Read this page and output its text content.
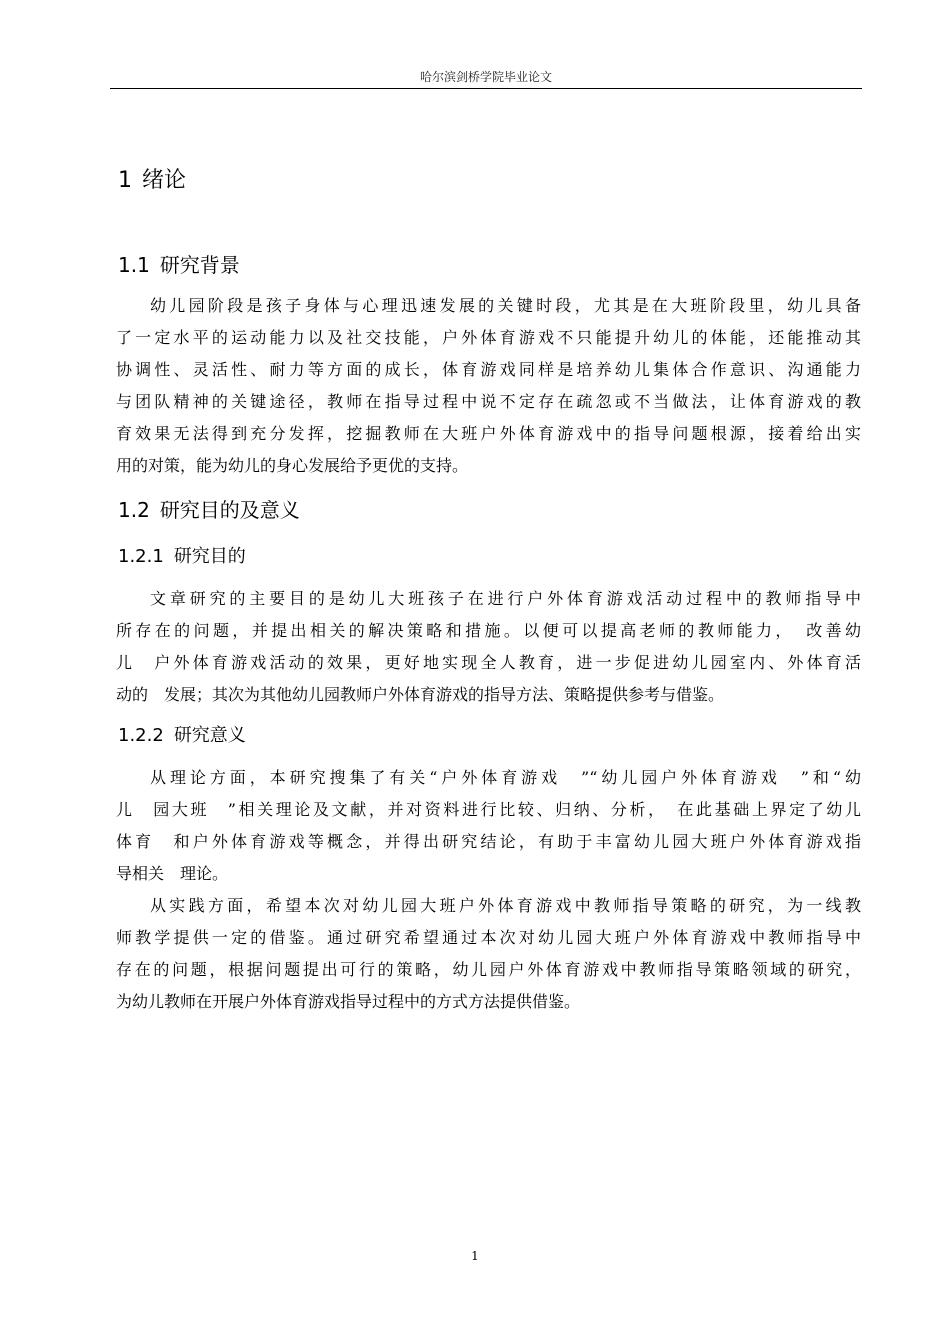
哈尔滨剑桥学院毕业论文
1 绪论
1.1 研究背景
幼儿园阶段是孩子身体与心理迅速发展的关键时段，尤其是在大班阶段里，幼儿具备
了一定水平的运动能力以及社交技能，户外体育游戏不只能提升幼儿的体能，还能推动其
协调性、灵活性、耐力等方面的成长，体育游戏同样是培养幼儿集体合作意识、沟通能力
与团队精神的关键途径，教师在指导过程中说不定存在疏忽或不当做法，让体育游戏的教
育效果无法得到充分发挥，挖掘教师在大班户外体育游戏中的指导问题根源，接着给出实
用的对策，能为幼儿的身心发展给予更优的支持。
1.2 研究目的及意义
1.2.1 研究目的
文章研究的主要目的是幼儿大班孩子在进行户外体育游戏活动过程中的教师指导中
所存在的问题，并提出相关的解决策略和措施。以便可以提高老师的教师能力，　改善幼
儿　户外体育游戏活动的效果，更好地实现全人教育，进一步促进幼儿园室内、外体育活
动的　发展；其次为其他幼儿园教师户外体育游戏的指导方法、策略提供参考与借鉴。
1.2.2 研究意义
从理论方面，本研究搜集了有关“户外体育游戏　”“幼儿园户外体育游戏　”和“幼
儿　园大班　”相关理论及文献，并对资料进行比较、归纳、分析，　在此基础上界定了幼儿
体育　和户外体育游戏等概念，并得出研究结论，有助于丰富幼儿园大班户外体育游戏指
导相关　理论。
从实践方面，希望本次对幼儿园大班户外体育游戏中教师指导策略的研究，为一线教
师教学提供一定的借鉴。通过研究希望通过本次对幼儿园大班户外体育游戏中教师指导中
存在的问题，根据问题提出可行的策略，幼儿园户外体育游戏中教师指导策略领域的研究，
为幼儿教师在开展户外体育游戏指导过程中的方式方法提供借鉴。
1
